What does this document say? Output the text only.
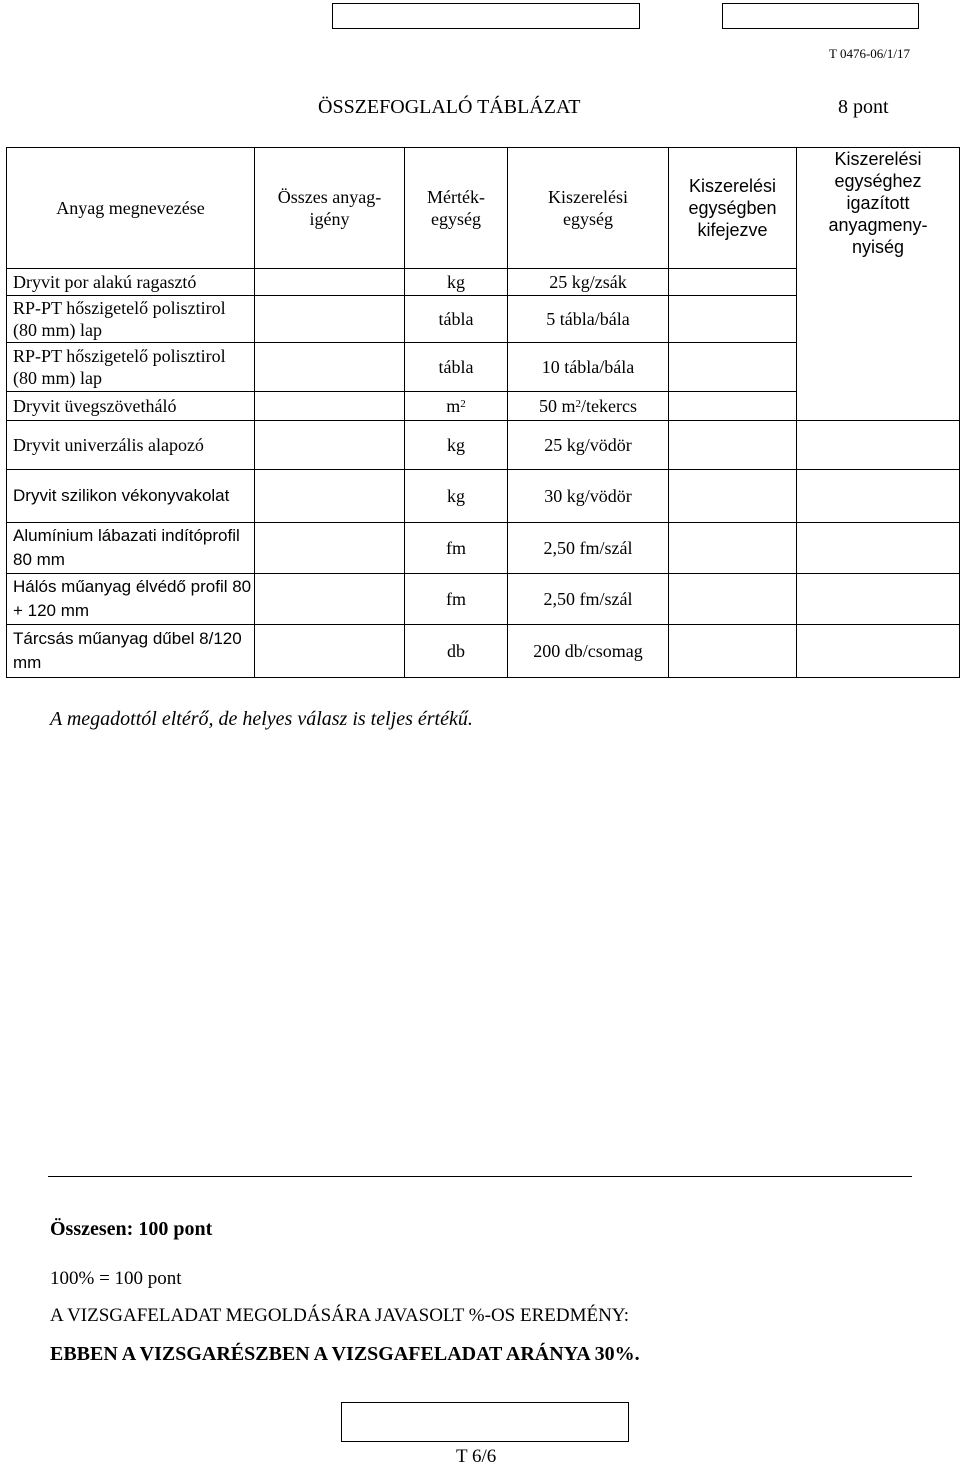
T 0476-06/1/17
ÖSSZEFOGLALÓ TÁBLÁZAT	8 pont
Anyag megnevezése	Összes anyag-igény	Mérték-egység	Kiszerelési egység	Kiszerelési egységben kifejezve	Kiszerelési egységhez igazított anyagmeny-nyiség
Dryvit por alakú ragasztó		kg	25 kg/zsák		
RP-PT hőszigetelő polisztirol (80 mm) lap		tábla	5 tábla/bála		
RP-PT hőszigetelő polisztirol (80 mm) lap		tábla	10 tábla/bála		
Dryvit üvegszövetháló		$m^2$	50 $m^2$/tekercs		
Dryvit univerzális alapozó		kg	25 kg/vödör		
Dryvit szilikon vékonyvakolat		kg	30 kg/vödör		
Alumínium lábazati indítóprofil 80 mm		fm	2,50 fm/szál		
Hálós műanyag élvédő profil 80 + 120 mm		fm	2,50 fm/szál		
Tárcsás műanyag dűbel 8/120 mm		db	200 db/csomag		
A megadottól eltérő, de helyes válasz is teljes értékű.
Összesen: 100 pont
100% = 100 pont
A VIZSGAFELADAT MEGOLDÁSÁRA JAVASOLT %-OS EREDMÉNY:
EBBEN A VIZSGARÉSZBEN A VIZSGAFELADAT ARÁNYA 30%.
T 6/6
